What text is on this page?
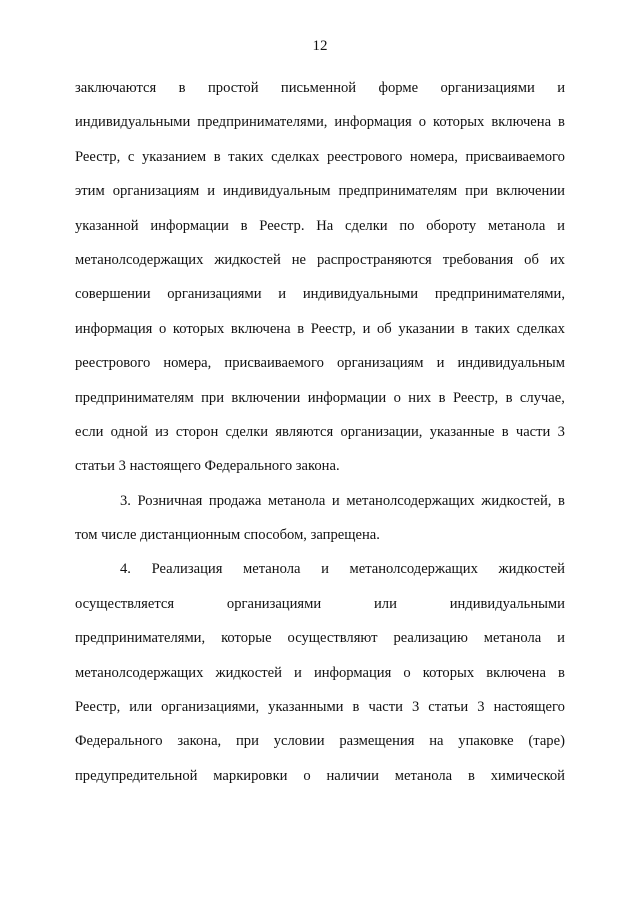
12
заключаются в простой письменной форме организациями и
индивидуальными предпринимателями, информация о которых включена в
Реестр, с указанием в таких сделках реестрового номера, присваиваемого
этим организациям и индивидуальным предпринимателям при включении
указанной информации в Реестр. На сделки по обороту метанола и
метанолсодержащих жидкостей не распространяются требования об их
совершении организациями и индивидуальными предпринимателями,
информация о которых включена в Реестр, и об указании в таких сделках
реестрового номера, присваиваемого организациям и индивидуальным
предпринимателям при включении информации о них в Реестр, в случае,
если одной из сторон сделки являются организации, указанные в части 3
статьи 3 настоящего Федерального закона.
3. Розничная продажа метанола и метанолсодержащих жидкостей, в
том числе дистанционным способом, запрещена.
4. Реализация метанола и метанолсодержащих жидкостей
осуществляется	организациями	или	индивидуальными
предпринимателями, которые осуществляют реализацию метанола и
метанолсодержащих жидкостей и информация о которых включена в
Реестр, или организациями, указанными в части 3 статьи 3 настоящего
Федерального закона, при условии размещения на упаковке (таре)
предупредительной маркировки о наличии метанола в химической
